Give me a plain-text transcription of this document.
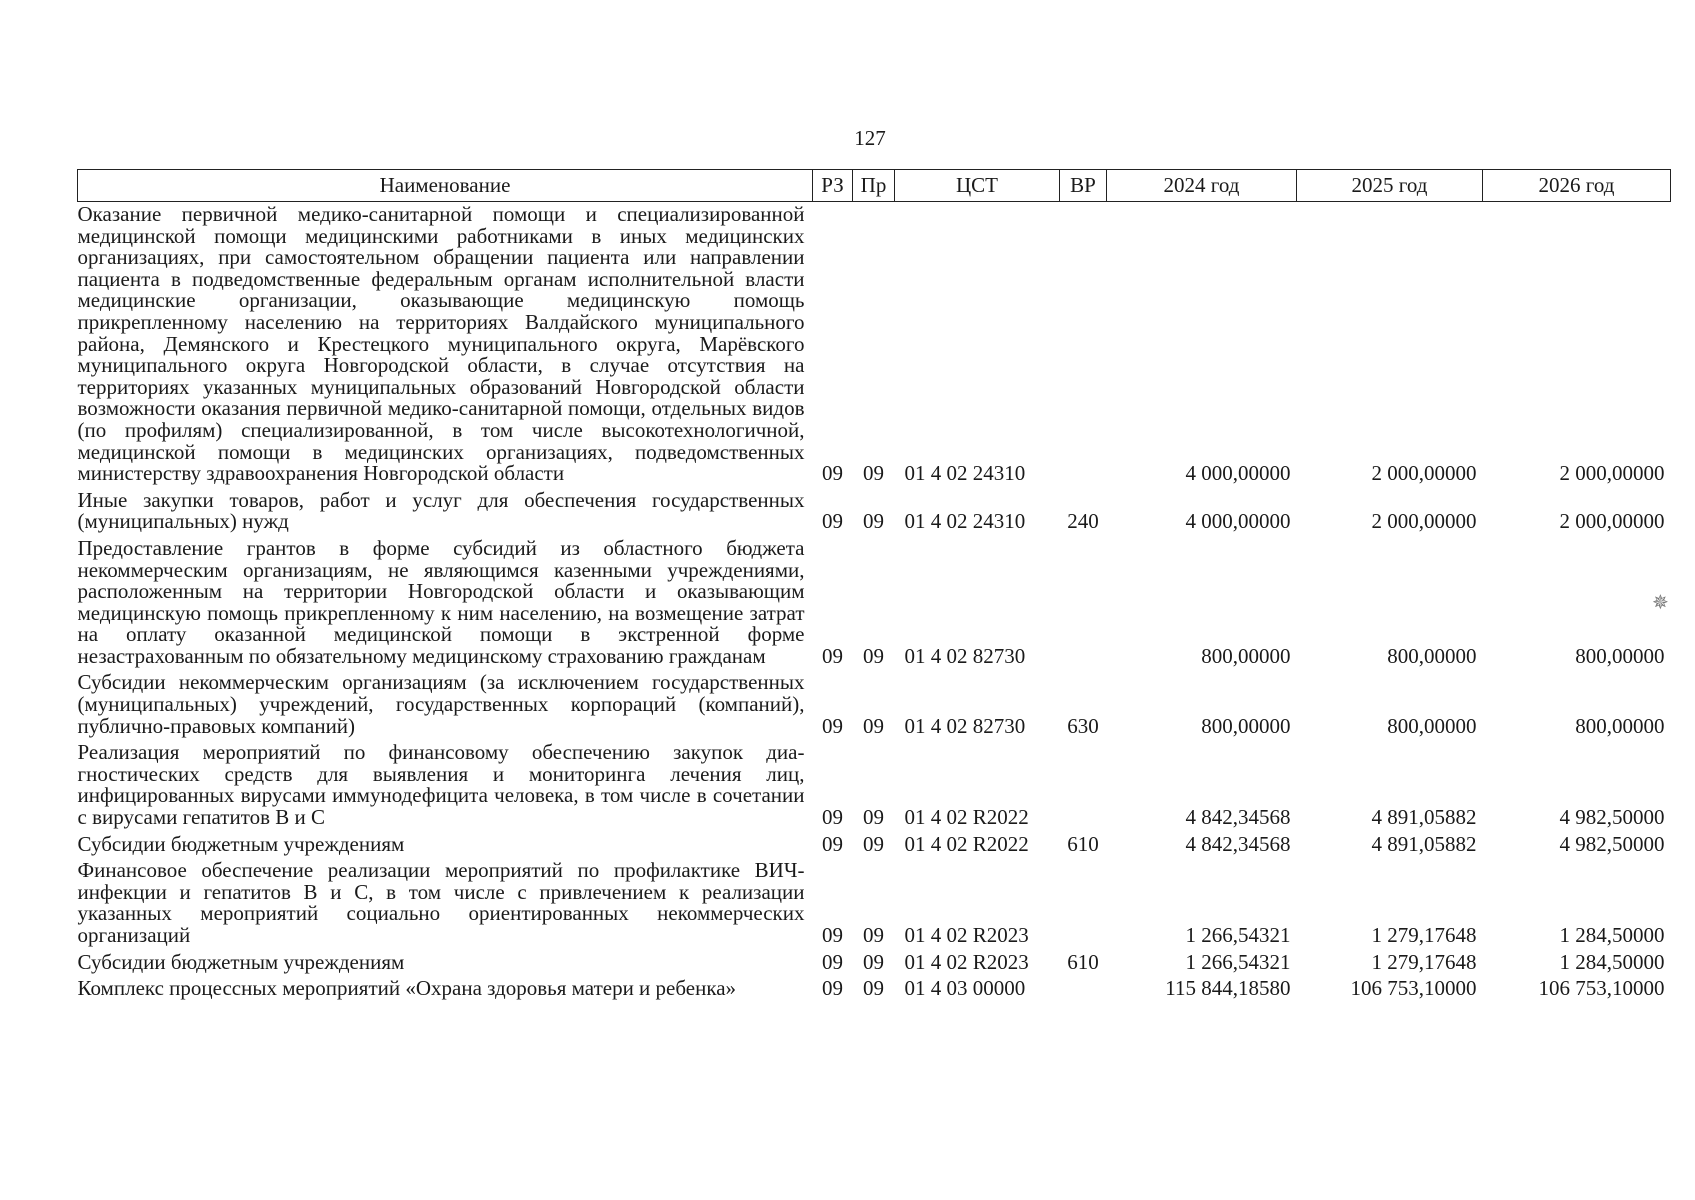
127
Наименование	РЗ	Пр	ЦСТ	ВР	2024 год	2025 год	2026 год
Оказание первичной медико-санитарной помощи и специализированной медицинской помощи медицинскими работниками в иных медицинских организациях, при самостоятельном обращении пациента или направлении пациента в подведомственные федеральным органам исполнительной власти медицинские организации, оказывающие медицинскую помощь прикрепленному населению на территориях Валдайского муниципального района, Демянского и Крестецкого муниципального округа, Марёвского муниципального округа Новгородской области, в случае отсутствия на территориях указанных муниципальных образований Новгородской области возможности оказания первичной медико-санитарной помощи, отдельных видов (по профилям) специализированной, в том числе высокотехнологичной, медицинской помощи в медицинских организациях, подведомственных министерству здравоохранения Новгородской области	09	09	01 4 02 24310		4 000,00000	2 000,00000	2 000,00000
Иные закупки товаров, работ и услуг для обеспечения государственных (муниципальных) нужд	09	09	01 4 02 24310	240	4 000,00000	2 000,00000	2 000,00000
Предоставление грантов в форме субсидий из областного бюджета некоммерческим организациям, не являющимся казенными учреждениями, расположенным на территории Новгородской области и оказывающим медицинскую помощь прикрепленному к ним населению, на возмещение затрат на оплату оказанной медицинской помощи в экстренной форме незастрахованным по обязательному медицинскому страхованию гражданам	09	09	01 4 02 82730		800,00000	800,00000	800,00000
Субсидии некоммерческим организациям (за исключением государственных (муниципальных) учреждений, государственных корпораций (компаний), публично-правовых компаний)	09	09	01 4 02 82730	630	800,00000	800,00000	800,00000
Реализация мероприятий по финансовому обеспечению закупок диагностических средств для выявления и мониторинга лечения лиц, инфицированных вирусами иммунодефицита человека, в том числе в сочетании с вирусами гепатитов В и С	09	09	01 4 02 R2022		4 842,34568	4 891,05882	4 982,50000
Субсидии бюджетным учреждениям	09	09	01 4 02 R2022	610	4 842,34568	4 891,05882	4 982,50000
Финансовое обеспечение реализации мероприятий по профилактике ВИЧ-инфекции и гепатитов В и С, в том числе с привлечением к реализации указанных мероприятий социально ориентированных некоммерческих организаций	09	09	01 4 02 R2023		1 266,54321	1 279,17648	1 284,50000
Субсидии бюджетным учреждениям	09	09	01 4 02 R2023	610	1 266,54321	1 279,17648	1 284,50000
Комплекс процессных мероприятий «Охрана здоровья матери и ребенка»	09	09	01 4 03 00000		115 844,18580	106 753,10000	106 753,10000
✵
